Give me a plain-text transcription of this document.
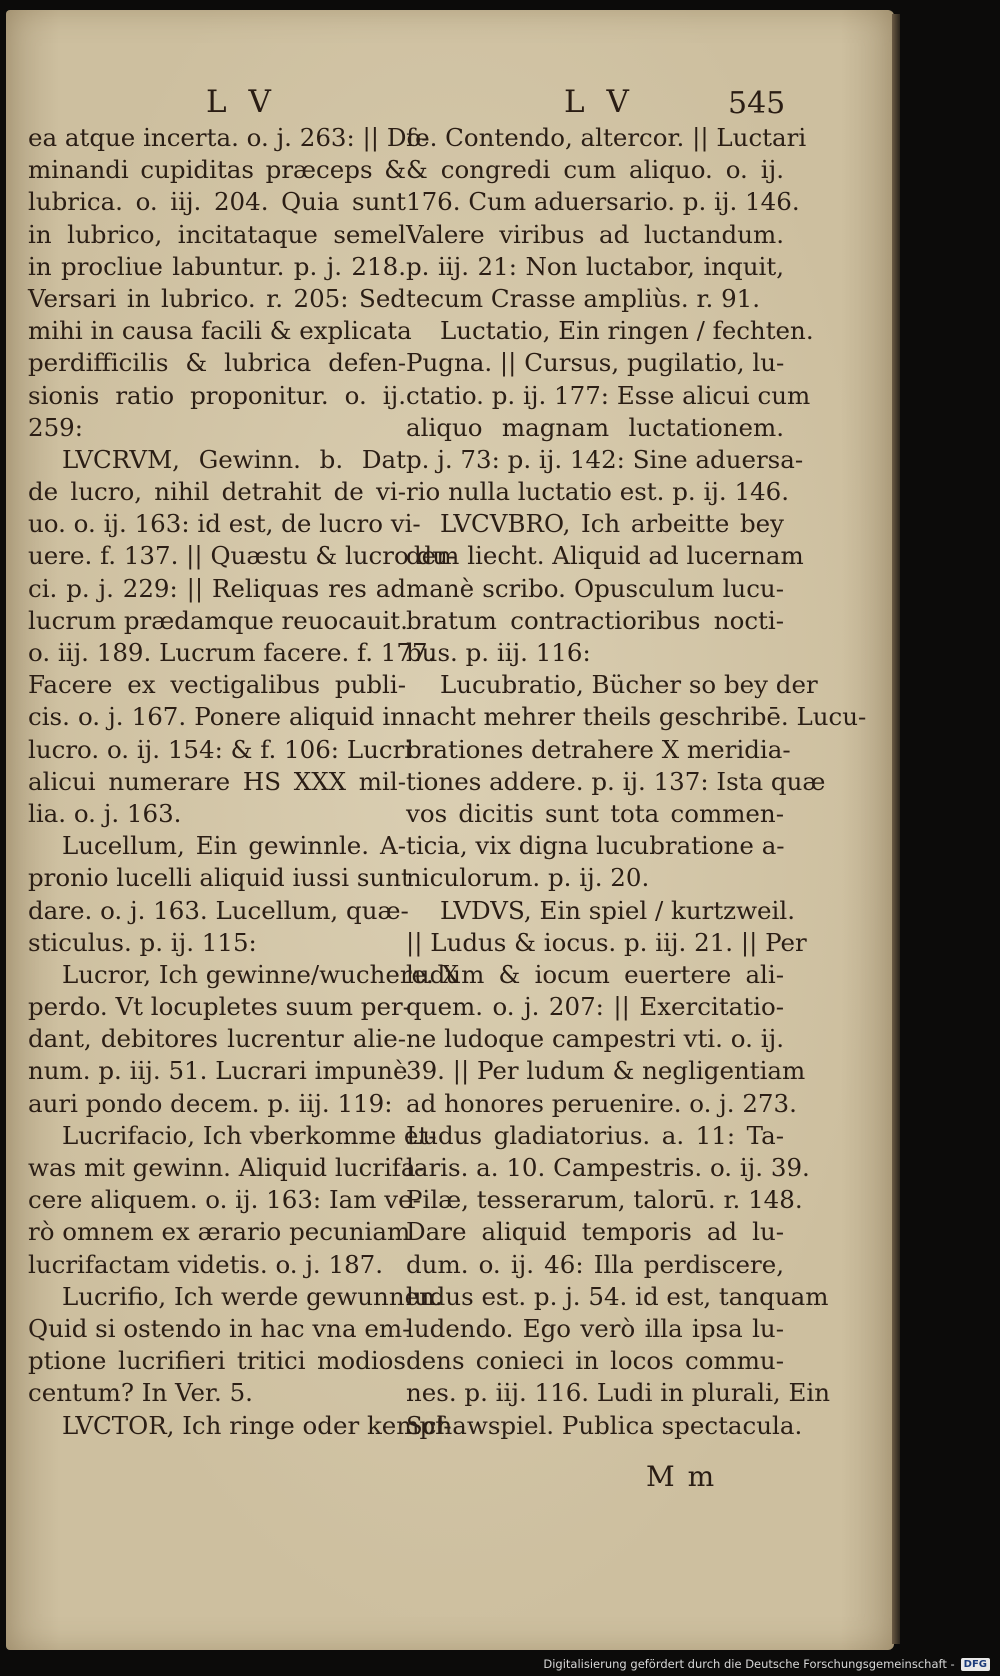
L V	L V	545
ea atque incerta. o. j. 263: || Do-
minandi cupiditas præceps &
lubrica. o. iij. 204. Quia sunt
in lubrico, incitataque semel
in procliue labuntur. p. j. 218.
Versari in lubrico. r. 205: Sed
mihi in causa facili & explicata
perdifficilis & lubrica defen-
sionis ratio proponitur. o. ij.
259:
LVCRVM, Gewinn. b. Dat
de lucro, nihil detrahit de vi-
uo. o. ij. 163: id est, de lucro vi-
uere. f. 137. || Quæstu & lucro du-
ci. p. j. 229: || Reliquas res ad
lucrum prædamque reuocauit.
o. iij. 189. Lucrum facere. f. 177.
Facere ex vectigalibus publi-
cis. o. j. 167. Ponere aliquid in
lucro. o. ij. 154: & f. 106: Lucri
alicui numerare HS XXX mil-
lia. o. j. 163.
Lucellum, Ein gewinnle. A-
pronio lucelli aliquid iussi sunt
dare. o. j. 163. Lucellum, quæ-
sticulus. p. ij. 115:
Lucror, Ich gewinne/wuchere. X
perdo. Vt locupletes suum per-
dant, debitores lucrentur alie-
num. p. iij. 51. Lucrari impunè
auri pondo decem. p. iij. 119:
Lucrifacio, Ich vberkomme et-
was mit gewinn. Aliquid lucrifa-
cere aliquem. o. ij. 163: Iam ve-
rò omnem ex ærario pecuniam
lucrifactam videtis. o. j. 187.
Lucrifio, Ich werde gewunnen.
Quid si ostendo in hac vna em-
ptione lucrifieri tritici modios
centum? In Ver. 5.
LVCTOR, Ich ringe oder kempf-
fe. Contendo, altercor. || Luctari
& congredi cum aliquo. o. ij.
176. Cum aduersario. p. ij. 146.
Valere viribus ad luctandum.
p. iij. 21: Non luctabor, inquit,
tecum Crasse ampliùs. r. 91.
Luctatio, Ein ringen / fechten.
Pugna. || Cursus, pugilatio, lu-
ctatio. p. ij. 177: Esse alicui cum
aliquo magnam luctationem.
p. j. 73: p. ij. 142: Sine aduersa-
rio nulla luctatio est. p. ij. 146.
LVCVBRO, Ich arbeitte bey
dem liecht. Aliquid ad lucernam
manè scribo. Opusculum lucu-
bratum contractioribus nocti-
bus. p. iij. 116:
Lucubratio, Bücher so bey der
nacht mehrer theils geschribē. Lucu-
brationes detrahere X meridia-
tiones addere. p. ij. 137: Ista quæ
vos dicitis sunt tota commen-
ticia, vix digna lucubratione a-
niculorum. p. ij. 20.
LVDVS, Ein spiel / kurtzweil.
|| Ludus & iocus. p. iij. 21. || Per
ludum & iocum euertere ali-
quem. o. j. 207: || Exercitatio-
ne ludoque campestri vti. o. ij.
39. || Per ludum & negligentiam
ad honores peruenire. o. j. 273.
Ludus gladiatorius. a. 11: Ta-
laris. a. 10. Campestris. o. ij. 39.
Pilæ, tesserarum, talorū. r. 148.
Dare aliquid temporis ad lu-
dum. o. ij. 46: Illa perdiscere,
ludus est. p. j. 54. id est, tanquam
ludendo. Ego verò illa ipsa lu-
dens conieci in locos commu-
nes. p. iij. 116. Ludi in plurali, Ein
Schawspiel. Publica spectacula.
M m
Digitalisierung gefördert durch die Deutsche Forschungsgemeinschaft - DFG
